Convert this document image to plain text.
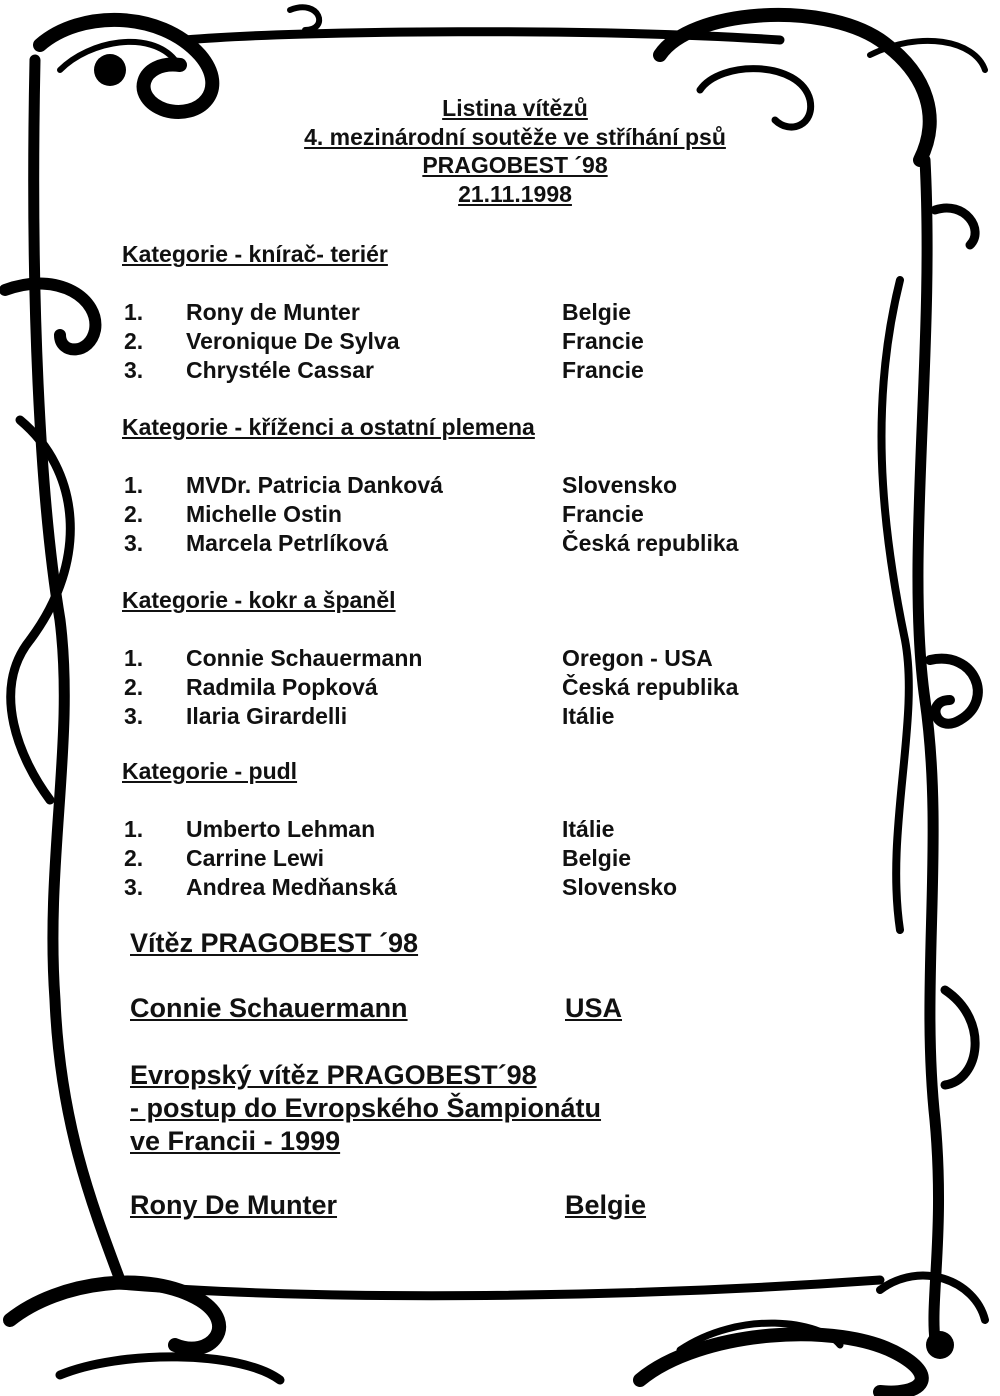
Listina vítězů
4. mezinárodní soutěže ve stříhání psů
PRAGOBEST ´98
21.11.1998
Kategorie - knírač- teriér
1. Rony de Munter	Belgie
2. Veronique De Sylva	Francie
3. Chrystéle Cassar	Francie
Kategorie - kříženci a ostatní plemena
1. MVDr. Patricia Danková	Slovensko
2. Michelle Ostin	Francie
3. Marcela Petrlíková	Česká republika
Kategorie - kokr a španěl
1. Connie Schauermann	Oregon - USA
2. Radmila Popková	Česká republika
3. Ilaria Girardelli	Itálie
Kategorie - pudl
1. Umberto Lehman	Itálie
2. Carrine Lewi	Belgie
3. Andrea Medňanská	Slovensko
Vítěz PRAGOBEST ´98
Connie Schauermann	USA
Evropský vítěz PRAGOBEST´98
- postup do Evropského Šampionátu
ve Francii - 1999
Rony De Munter	Belgie
